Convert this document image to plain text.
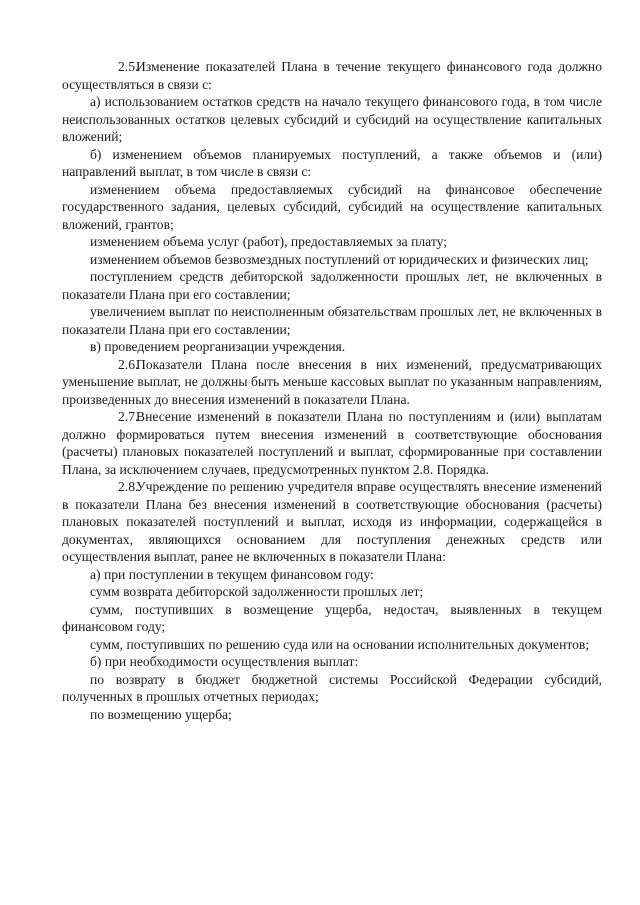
2.5.Изменение показателей Плана в течение текущего финансового года должно осуществляться в связи с:

а) использованием остатков средств на начало текущего финансового года, в том числе неиспользованных остатков целевых субсидий и субсидий на осуществление капитальных вложений;

б) изменением объемов планируемых поступлений, а также объемов и (или) направлений выплат, в том числе в связи с:

изменением объема предоставляемых субсидий на финансовое обеспечение государственного задания, целевых субсидий, субсидий на осуществление капитальных вложений, грантов;

изменением объема услуг (работ), предоставляемых за плату;

изменением объемов безвозмездных поступлений от юридических и физических лиц;

поступлением средств дебиторской задолженности прошлых лет, не включенных в показатели Плана при его составлении;

увеличением выплат по неисполненным обязательствам прошлых лет, не включенных в показатели Плана при его составлении;

в) проведением реорганизации учреждения.

2.6.Показатели Плана после внесения в них изменений, предусматривающих уменьшение выплат, не должны быть меньше кассовых выплат по указанным направлениям, произведенных до внесения изменений в показатели Плана.

2.7.Внесение изменений в показатели Плана по поступлениям и (или) выплатам должно формироваться путем внесения изменений в соответствующие обоснования (расчеты) плановых показателей поступлений и выплат, сформированные при составлении Плана, за исключением случаев, предусмотренных пунктом 2.8. Порядка.

2.8.Учреждение по решению учредителя вправе осуществлять внесение изменений в показатели Плана без внесения изменений в соответствующие обоснования (расчеты) плановых показателей поступлений и выплат, исходя из информации, содержащейся в документах, являющихся основанием для поступления денежных средств или осуществления выплат, ранее не включенных в показатели Плана:

а) при поступлении в текущем финансовом году:

сумм возврата дебиторской задолженности прошлых лет;

сумм, поступивших в возмещение ущерба, недостач, выявленных в текущем финансовом году;

сумм, поступивших по решению суда или на основании исполнительных документов;

б) при необходимости осуществления выплат:

по возврату в бюджет бюджетной системы Российской Федерации субсидий, полученных в прошлых отчетных периодах;

по возмещению ущерба;
